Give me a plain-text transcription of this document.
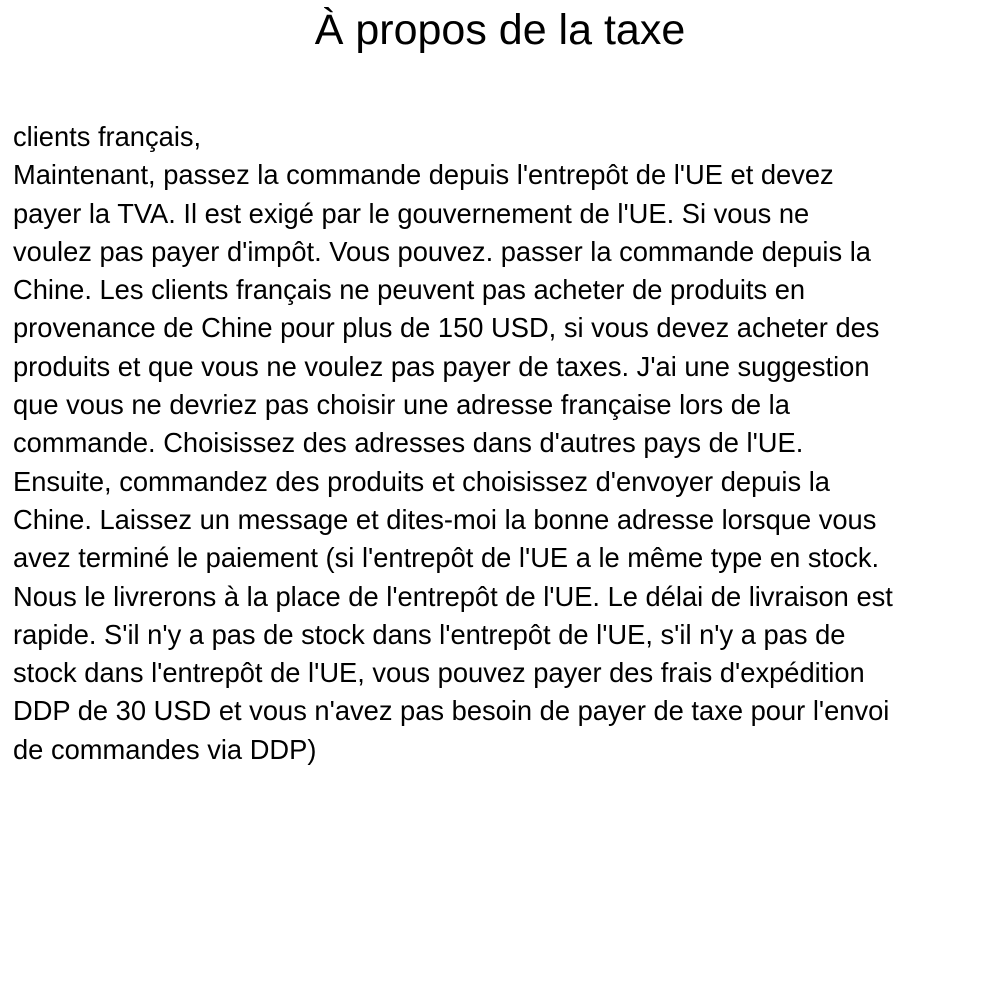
À propos de la taxe
clients français,
Maintenant, passez la commande depuis l'entrepôt de l'UE et devez
payer la TVA. Il est exigé par le gouvernement de l'UE. Si vous ne
voulez pas payer d'impôt. Vous pouvez. passer la commande depuis la
Chine. Les clients français ne peuvent pas acheter de produits en
provenance de Chine pour plus de 150 USD, si vous devez acheter des
produits et que vous ne voulez pas payer de taxes. J'ai une suggestion
que vous ne devriez pas choisir une adresse française lors de la
commande. Choisissez des adresses dans d'autres pays de l'UE.
Ensuite, commandez des produits et choisissez d'envoyer depuis la
Chine. Laissez un message et dites-moi la bonne adresse lorsque vous
avez terminé le paiement (si l'entrepôt de l'UE a le même type en stock.
Nous le livrerons à la place de l'entrepôt de l'UE. Le délai de livraison est
rapide. S'il n'y a pas de stock dans l'entrepôt de l'UE, s'il n'y a pas de
stock dans l'entrepôt de l'UE, vous pouvez payer des frais d'expédition
DDP de 30 USD et vous n'avez pas besoin de payer de taxe pour l'envoi
de commandes via DDP)
